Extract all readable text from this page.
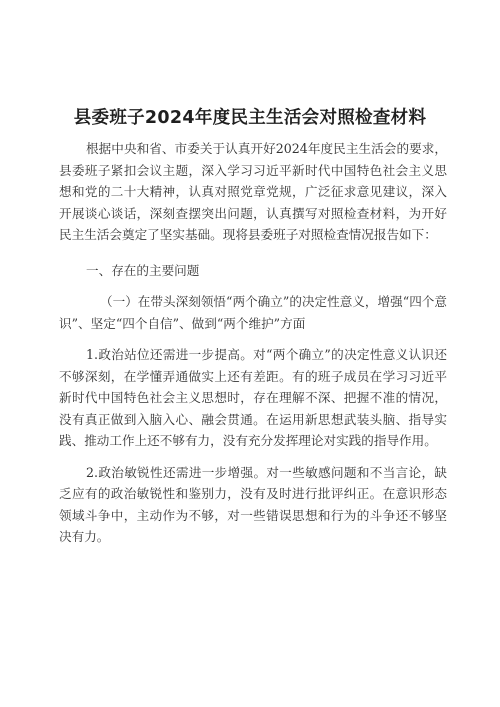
县委班子2024年度民主生活会对照检查材料

根据中央和省、市委关于认真开好2024年度民主生活会的要求，县委班子紧扣会议主题，深入学习习近平新时代中国特色社会主义思想和党的二十大精神，认真对照党章党规，广泛征求意见建议，深入开展谈心谈话，深刻查摆突出问题，认真撰写对照检查材料，为开好民主生活会奠定了坚实基础。现将县委班子对照检查情况报告如下：

一、存在的主要问题

（一）在带头深刻领悟“两个确立”的决定性意义，增强“四个意识”、坚定“四个自信”、做到“两个维护”方面

1.政治站位还需进一步提高。对“两个确立”的决定性意义认识还不够深刻，在学懂弄通做实上还有差距。有的班子成员在学习习近平新时代中国特色社会主义思想时，存在理解不深、把握不准的情况，没有真正做到入脑入心、融会贯通。在运用新思想武装头脑、指导实践、推动工作上还不够有力，没有充分发挥理论对实践的指导作用。

2.政治敏锐性还需进一步增强。对一些敏感问题和不当言论，缺乏应有的政治敏锐性和鉴别力，没有及时进行批评纠正。在意识形态领域斗争中，主动作为不够，对一些错误思想和行为的斗争还不够坚决有力。
